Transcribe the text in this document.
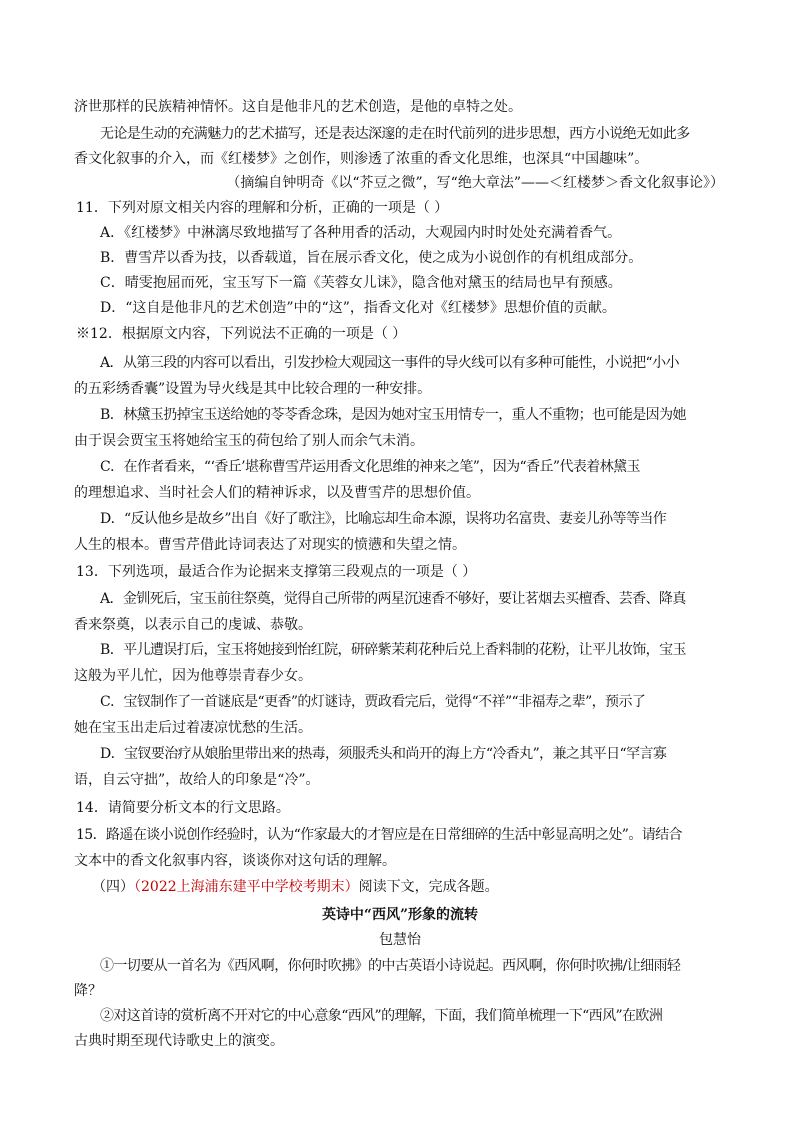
济世那样的民族精神情怀。这自是他非凡的艺术创造，是他的卓特之处。
无论是生动的充满魅力的艺术描写，还是表达深邃的走在时代前列的进步思想，西方小说绝无如此多
香文化叙事的介入，而《红楼梦》之创作，则渗透了浓重的香文化思维，也深具“中国趣味”。
（摘编自钟明奇《以“芥豆之微”，写“绝大章法”——＜红楼梦＞香文化叙事论》）
11．下列对原文相关内容的理解和分析，正确的一项是（ ）
A．《红楼梦》中淋漓尽致地描写了各种用香的活动，大观园内时时处处充满着香气。
B．曹雪芹以香为技，以香载道，旨在展示香文化，使之成为小说创作的有机组成部分。
C．晴雯抱屈而死，宝玉写下一篇《芙蓉女儿诔》，隐含他对黛玉的结局也早有预感。
D．“这自是他非凡的艺术创造”中的“这”，指香文化对《红楼梦》思想价值的贡献。
※12．根据原文内容，下列说法不正确的一项是（ ）
A．从第三段的内容可以看出，引发抄检大观园这一事件的导火线可以有多种可能性，小说把“小小
的五彩绣香囊”设置为导火线是其中比较合理的一种安排。
B．林黛玉扔掉宝玉送给她的苓苓香念珠，是因为她对宝玉用情专一，重人不重物；也可能是因为她
由于误会贾宝玉将她给宝玉的荷包给了别人而余气未消。
C．在作者看来，“‘香丘’堪称曹雪芹运用香文化思维的神来之笔”，因为“香丘”代表着林黛玉
的理想追求、当时社会人们的精神诉求，以及曹雪芹的思想价值。
D．“反认他乡是故乡”出自《好了歌注》，比喻忘却生命本源，误将功名富贵、妻妾儿孙等等当作
人生的根本。曹雪芹借此诗词表达了对现实的愤懑和失望之情。
13．下列选项，最适合作为论据来支撑第三段观点的一项是（ ）
A．金钏死后，宝玉前往祭奠，觉得自己所带的两星沉速香不够好，要让茗烟去买檀香、芸香、降真
香来祭奠，以表示自己的虔诚、恭敬。
B．平儿遭误打后，宝玉将她接到怡红院，研碎紫茉莉花种后兑上香料制的花粉，让平儿妆饰，宝玉
这般为平儿忙，因为他尊崇青春少女。
C．宝钗制作了一首谜底是“更香”的灯谜诗，贾政看完后，觉得“不祥”“非福寿之辈”，预示了
她在宝玉出走后过着凄凉忧愁的生活。
D．宝钗要治疗从娘胎里带出来的热毒，须服秃头和尚开的海上方“冷香丸”，兼之其平日“罕言寡
语，自云守拙”，故给人的印象是“冷”。
14．请简要分析文本的行文思路。
15．路遥在谈小说创作经验时，认为“作家最大的才智应是在日常细碎的生活中彰显高明之处”。请结合
文本中的香文化叙事内容，谈谈你对这句话的理解。
（四）（2022上海浦东建平中学校考期末）阅读下文，完成各题。
英诗中“西风”形象的流转
包慧怡
①一切要从一首名为《西风啊，你何时吹拂》的中古英语小诗说起。西风啊，你何时吹拂/让细雨轻
降？
②对这首诗的赏析离不开对它的中心意象“西风”的理解，下面，我们简单梳理一下“西风”在欧洲
古典时期至现代诗歌史上的演变。
